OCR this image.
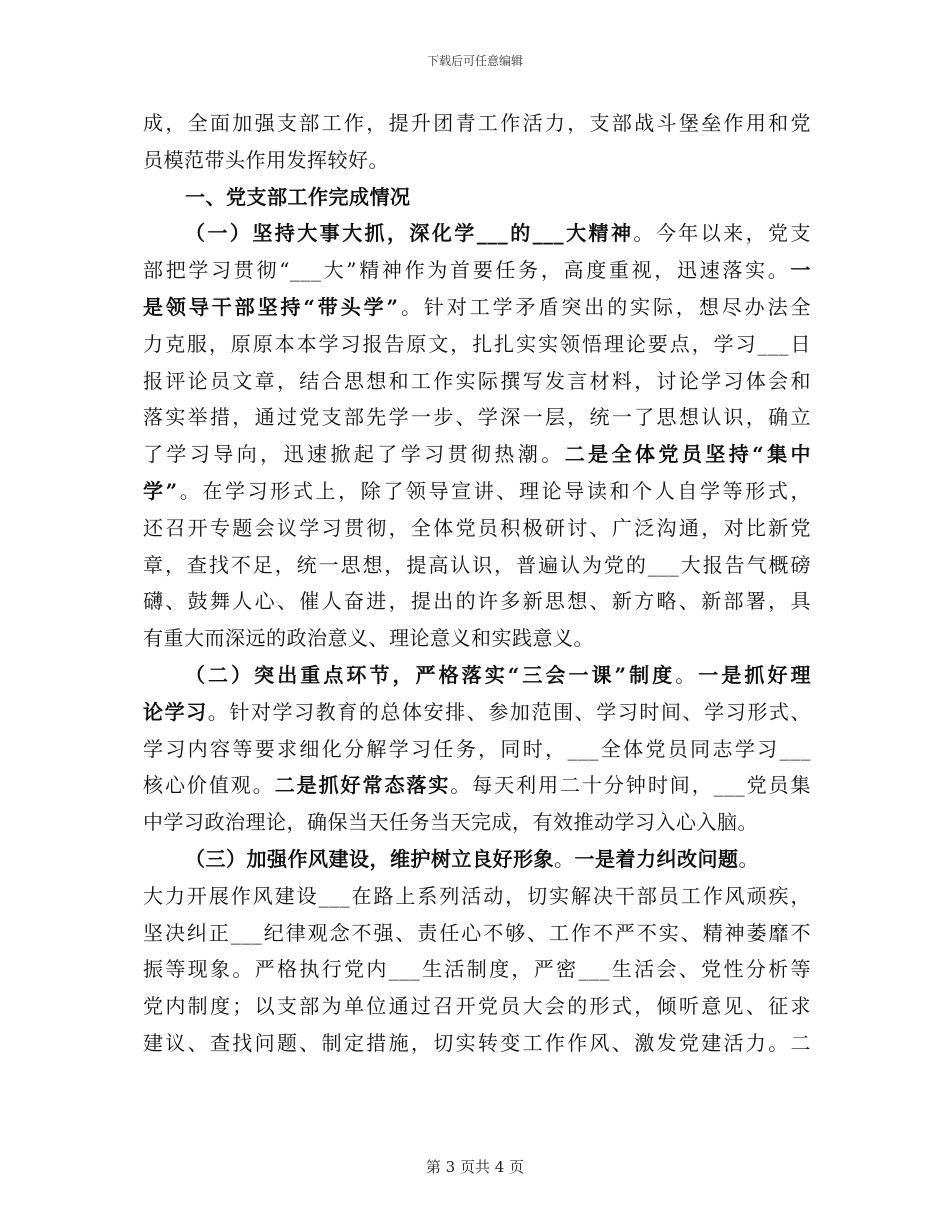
下载后可任意编辑
成，全面加强支部工作，提升团青工作活力，支部战斗堡垒作用和党
员模范带头作用发挥较好。
一、党支部工作完成情况
（一）坚持大事大抓，深化学___的___大精神。今年以来，党支
部把学习贯彻“___大”精神作为首要任务，高度重视，迅速落实。一
是领导干部坚持“带头学”。针对工学矛盾突出的实际，想尽办法全
力克服，原原本本学习报告原文，扎扎实实领悟理论要点，学习___日
报评论员文章，结合思想和工作实际撰写发言材料，讨论学习体会和
落实举措，通过党支部先学一步、学深一层，统一了思想认识，确立
了学习导向，迅速掀起了学习贯彻热潮。二是全体党员坚持“集中
学”。在学习形式上，除了领导宣讲、理论导读和个人自学等形式，
还召开专题会议学习贯彻，全体党员积极研讨、广泛沟通，对比新党
章，查找不足，统一思想，提高认识，普遍认为党的___大报告气概磅
礴、鼓舞人心、催人奋进，提出的许多新思想、新方略、新部署，具
有重大而深远的政治意义、理论意义和实践意义。
（二）突出重点环节，严格落实“三会一课”制度。一是抓好理
论学习。针对学习教育的总体安排、参加范围、学习时间、学习形式、
学习内容等要求细化分解学习任务，同时，___全体党员同志学习___
核心价值观。二是抓好常态落实。每天利用二十分钟时间，___党员集
中学习政治理论，确保当天任务当天完成，有效推动学习入心入脑。
（三）加强作风建设，维护树立良好形象。一是着力纠改问题。
大力开展作风建设___在路上系列活动，切实解决干部员工作风顽疾，
坚决纠正___纪律观念不强、责任心不够、工作不严不实、精神萎靡不
振等现象。严格执行党内___生活制度，严密___生活会、党性分析等
党内制度；以支部为单位通过召开党员大会的形式，倾听意见、征求
建议、查找问题、制定措施，切实转变工作作风、激发党建活力。二
第 3 页共 4 页
